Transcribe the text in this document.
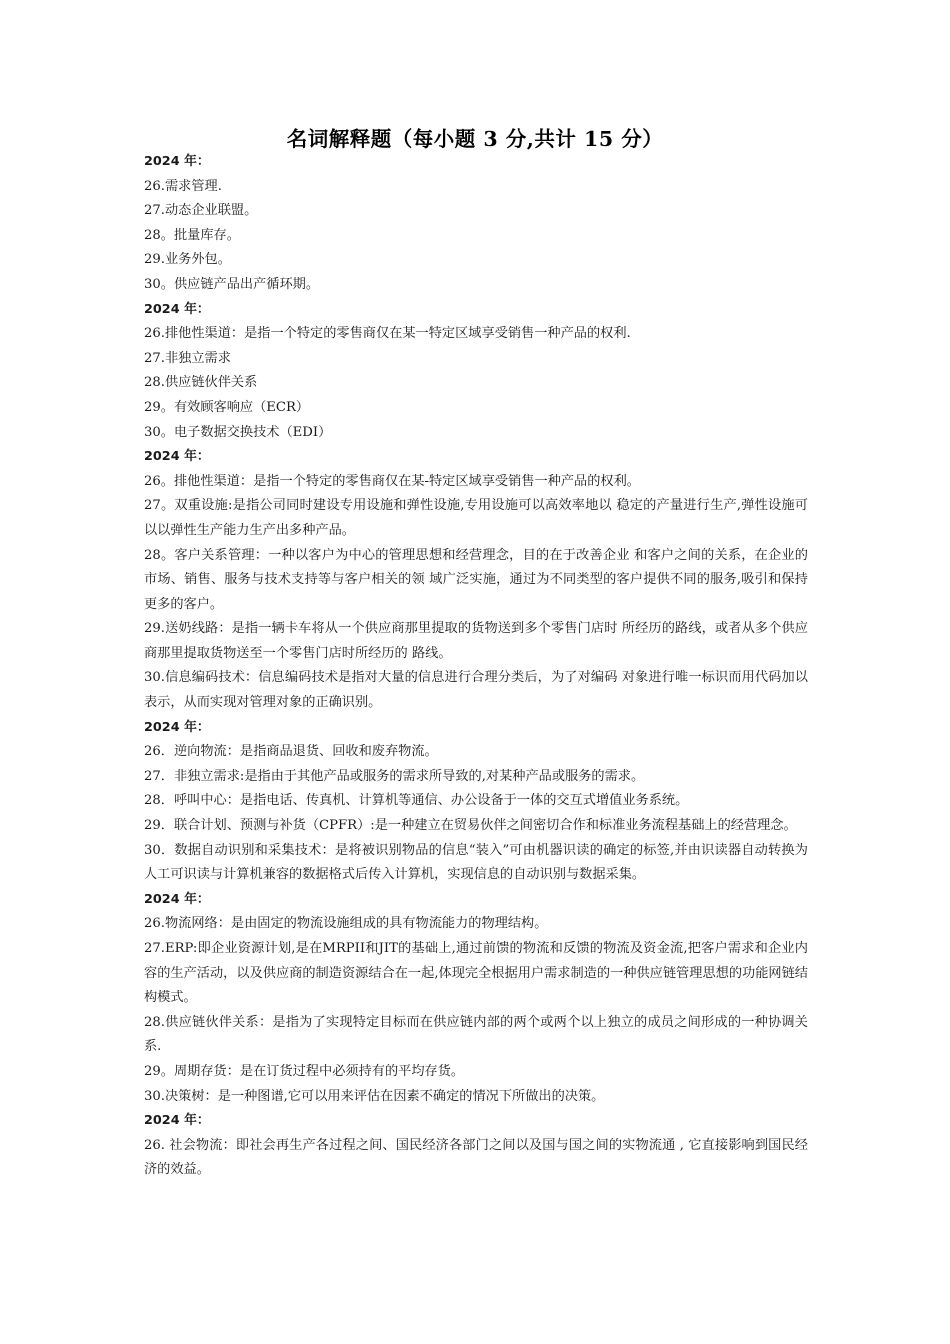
名词解释题（每小题 3 分,共计 15 分）
2024 年：
26.需求管理.
27.动态企业联盟。
28。批量库存。
29.业务外包。
30。供应链产品出产循环期。
2024 年：
26.排他性渠道：是指一个特定的零售商仅在某一特定区域享受销售一种产品的权利.
27.非独立需求
28.供应链伙伴关系
29。有效顾客响应（ECR）
30。电子数据交换技术（EDI）
2024 年：
26。排他性渠道：是指一个特定的零售商仅在某-特定区域享受销售一种产品的权利。
27。双重设施:是指公司同时建设专用设施和弹性设施,专用设施可以高效率地以 稳定的产量进行生产,弹性设施可以以弹性生产能力生产出多种产品。
28。客户关系管理：一种以客户为中心的管理思想和经营理念，目的在于改善企业 和客户之间的关系，在企业的市场、销售、服务与技术支持等与客户相关的领 域广泛实施，通过为不同类型的客户提供不同的服务,吸引和保持更多的客户。
29.送奶线路：是指一辆卡车将从一个供应商那里提取的货物送到多个零售门店时 所经历的路线，或者从多个供应商那里提取货物送至一个零售门店时所经历的 路线。
30.信息编码技术：信息编码技术是指对大量的信息进行合理分类后，为了对编码 对象进行唯一标识而用代码加以表示，从而实现对管理对象的正确识别。
2024 年：
26．逆向物流：是指商品退货、回收和废弃物流。
27．非独立需求:是指由于其他产品或服务的需求所导致的,对某种产品或服务的需求。
28．呼叫中心：是指电话、传真机、计算机等通信、办公设备于一体的交互式增值业务系统。
29．联合计划、预测与补货（CPFR）:是一种建立在贸易伙伴之间密切合作和标准业务流程基础上的经营理念。
30．数据自动识别和采集技术：是将被识别物品的信息“装入”可由机器识读的确定的标签,并由识读器自动转换为人工可识读与计算机兼容的数据格式后传入计算机，实现信息的自动识别与数据采集。
2024 年：
26.物流网络：是由固定的物流设施组成的具有物流能力的物理结构。
27.ERP:即企业资源计划,是在MRPII和JIT的基础上,通过前馈的物流和反馈的物流及资金流,把客户需求和企业内容的生产活动，以及供应商的制造资源结合在一起,体现完全根据用户需求制造的一种供应链管理思想的功能网链结构模式。
28.供应链伙伴关系：是指为了实现特定目标而在供应链内部的两个或两个以上独立的成员之间形成的一种协调关系.
29。周期存货：是在订货过程中必须持有的平均存货。
30.决策树：是一种图谱,它可以用来评估在因素不确定的情况下所做出的决策。
2024 年：
26. 社会物流：即社会再生产各过程之间、国民经济各部门之间以及国与国之间的实物流通 , 它直接影响到国民经济的效益。
